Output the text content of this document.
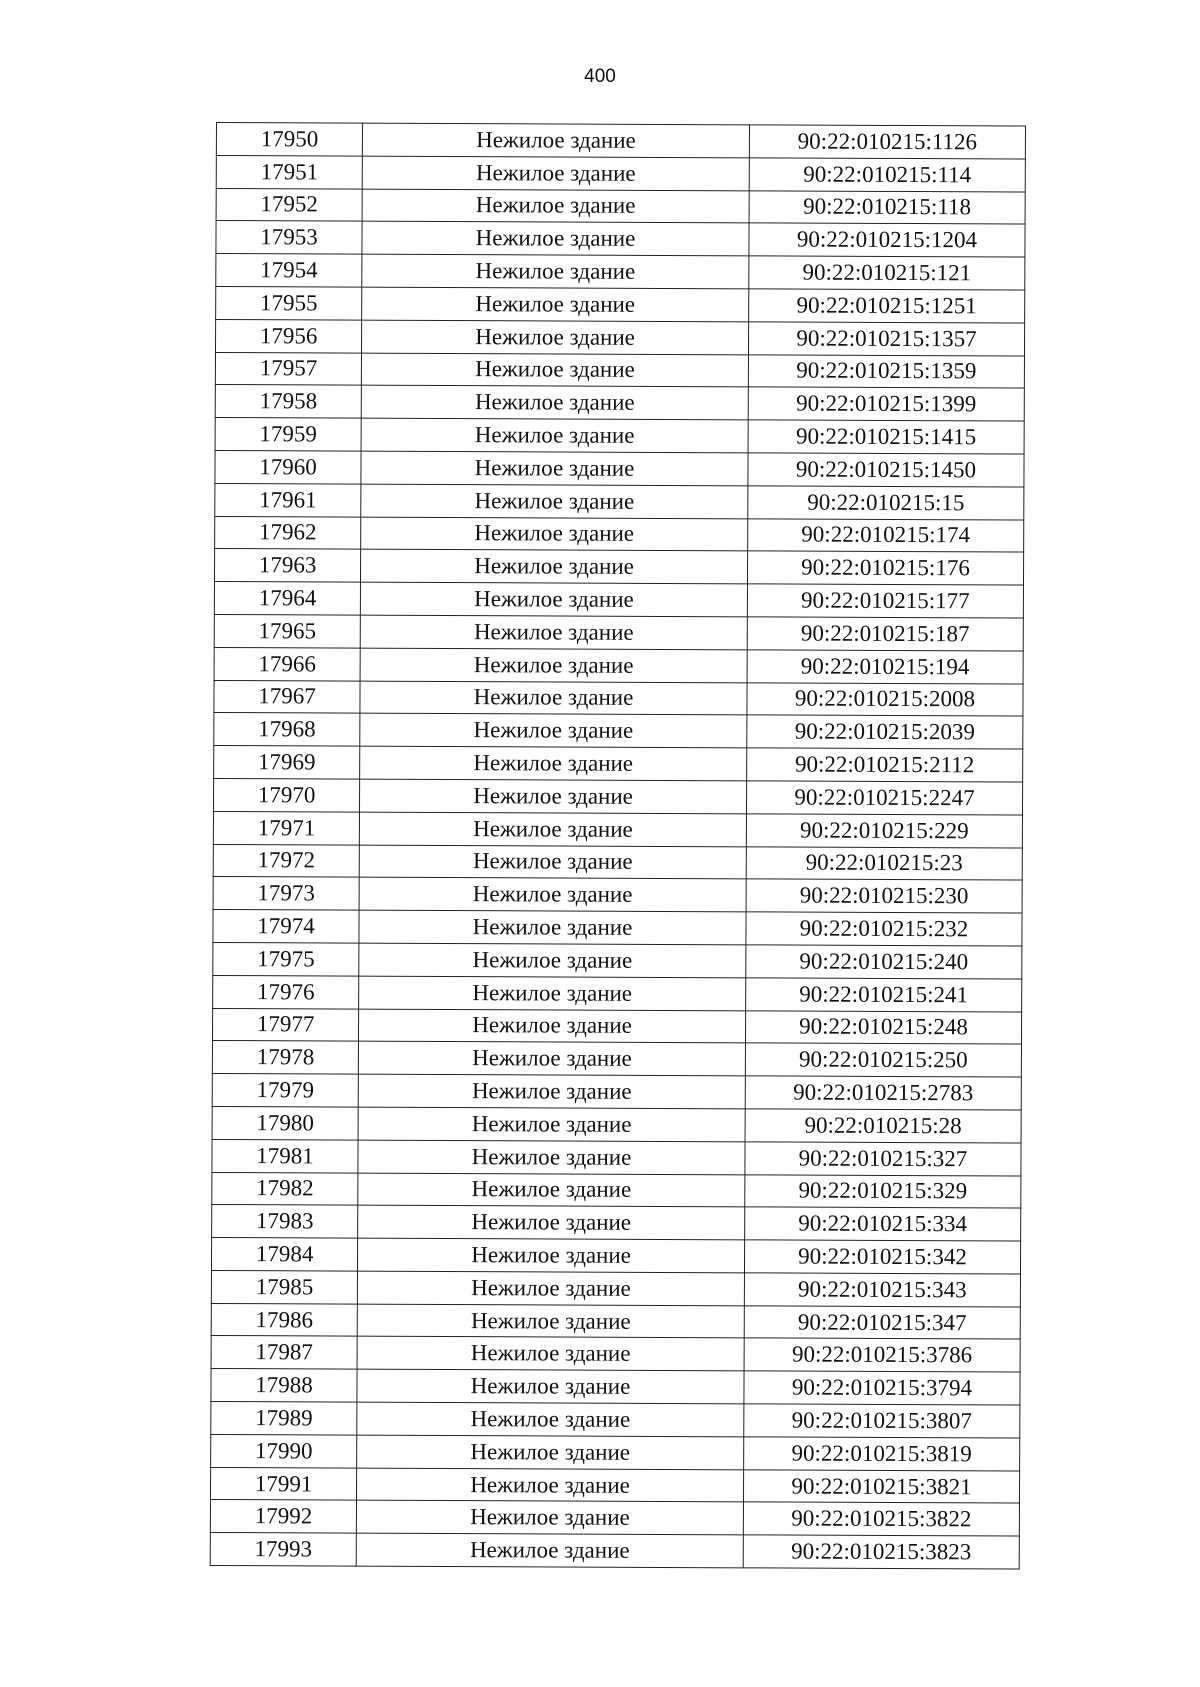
400
17950	Нежилое здание	90:22:010215:1126
17951	Нежилое здание	90:22:010215:114
17952	Нежилое здание	90:22:010215:118
17953	Нежилое здание	90:22:010215:1204
17954	Нежилое здание	90:22:010215:121
17955	Нежилое здание	90:22:010215:1251
17956	Нежилое здание	90:22:010215:1357
17957	Нежилое здание	90:22:010215:1359
17958	Нежилое здание	90:22:010215:1399
17959	Нежилое здание	90:22:010215:1415
17960	Нежилое здание	90:22:010215:1450
17961	Нежилое здание	90:22:010215:15
17962	Нежилое здание	90:22:010215:174
17963	Нежилое здание	90:22:010215:176
17964	Нежилое здание	90:22:010215:177
17965	Нежилое здание	90:22:010215:187
17966	Нежилое здание	90:22:010215:194
17967	Нежилое здание	90:22:010215:2008
17968	Нежилое здание	90:22:010215:2039
17969	Нежилое здание	90:22:010215:2112
17970	Нежилое здание	90:22:010215:2247
17971	Нежилое здание	90:22:010215:229
17972	Нежилое здание	90:22:010215:23
17973	Нежилое здание	90:22:010215:230
17974	Нежилое здание	90:22:010215:232
17975	Нежилое здание	90:22:010215:240
17976	Нежилое здание	90:22:010215:241
17977	Нежилое здание	90:22:010215:248
17978	Нежилое здание	90:22:010215:250
17979	Нежилое здание	90:22:010215:2783
17980	Нежилое здание	90:22:010215:28
17981	Нежилое здание	90:22:010215:327
17982	Нежилое здание	90:22:010215:329
17983	Нежилое здание	90:22:010215:334
17984	Нежилое здание	90:22:010215:342
17985	Нежилое здание	90:22:010215:343
17986	Нежилое здание	90:22:010215:347
17987	Нежилое здание	90:22:010215:3786
17988	Нежилое здание	90:22:010215:3794
17989	Нежилое здание	90:22:010215:3807
17990	Нежилое здание	90:22:010215:3819
17991	Нежилое здание	90:22:010215:3821
17992	Нежилое здание	90:22:010215:3822
17993	Нежилое здание	90:22:010215:3823
